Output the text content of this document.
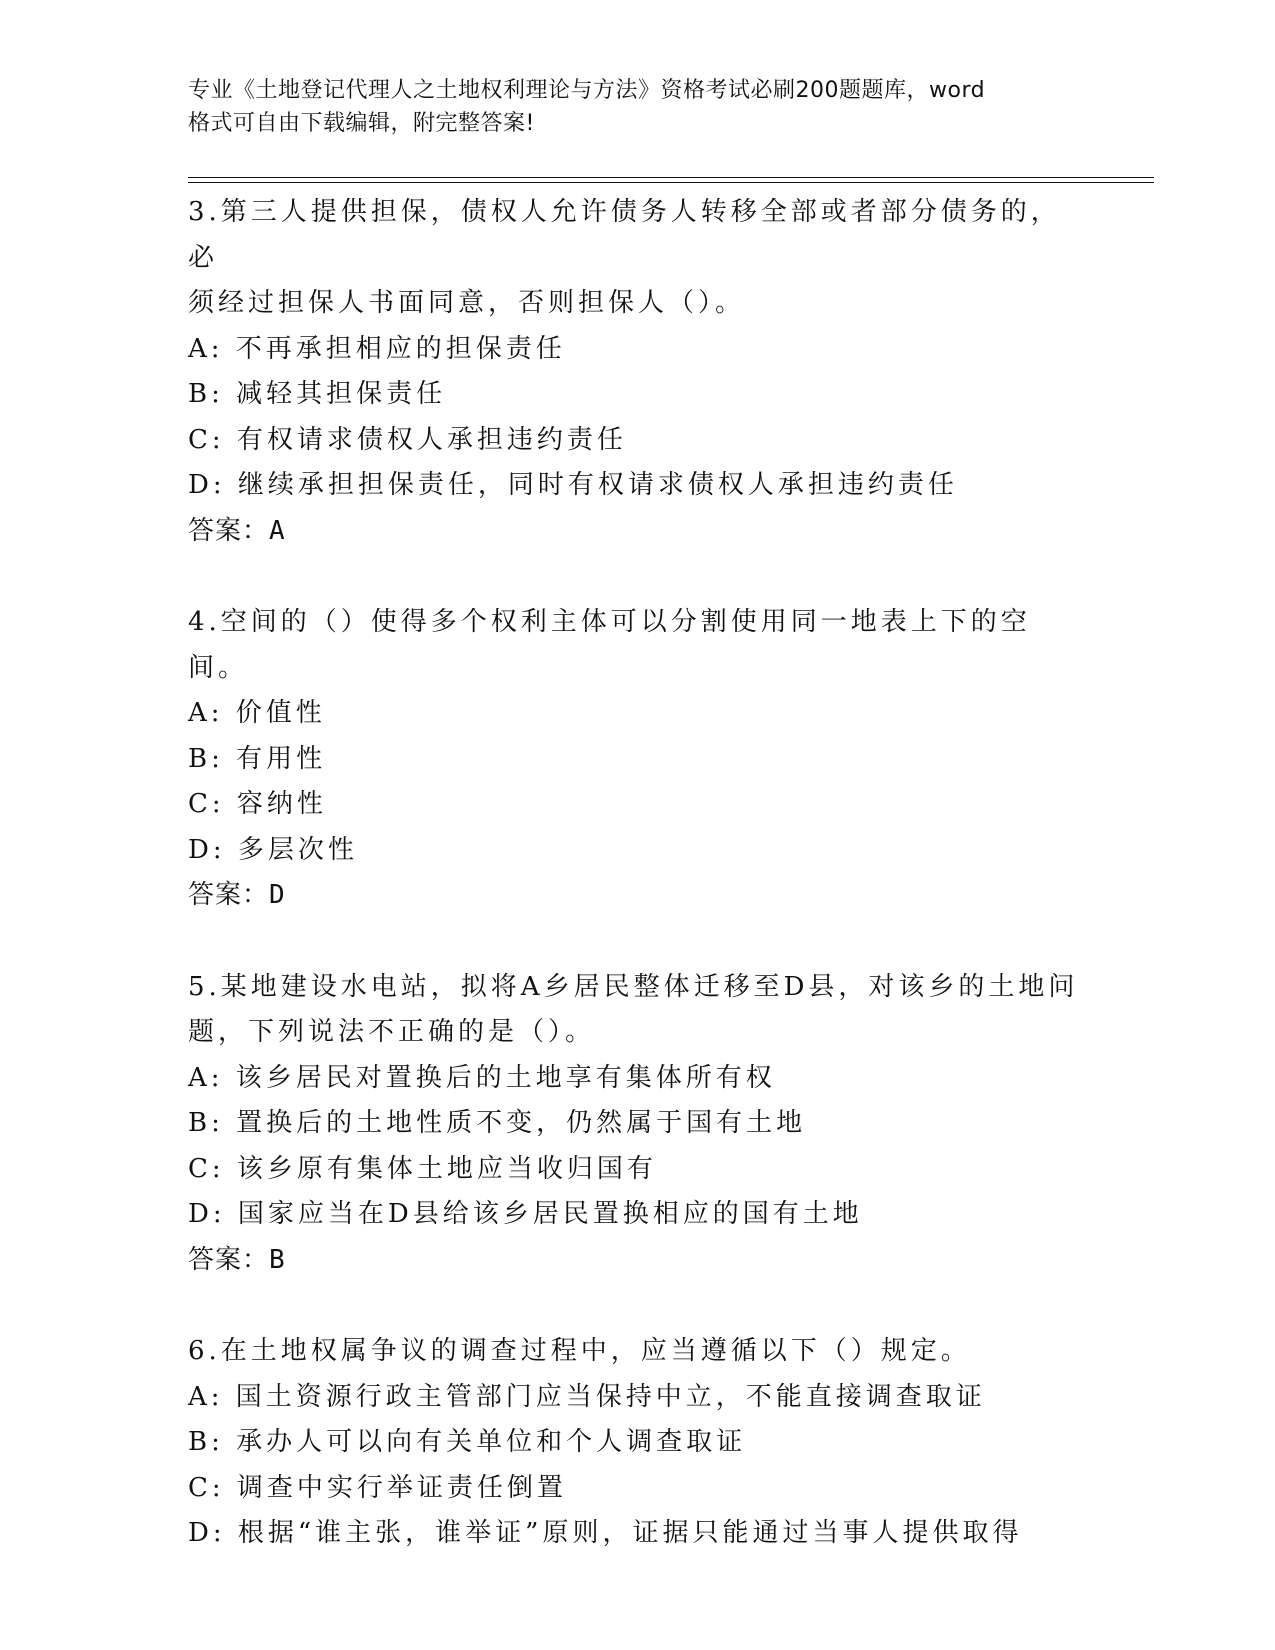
专业《土地登记代理人之土地权利理论与方法》资格考试必刷200题题库，word
格式可自由下载编辑，附完整答案!

3.第三人提供担保，债权人允许债务人转移全部或者部分债务的，必

须经过担保人书面同意，否则担保人（）。

A: 不再承担相应的担保责任

B: 减轻其担保责任

C: 有权请求债权人承担违约责任

D: 继续承担担保责任，同时有权请求债权人承担违约责任

答案：A

4.空间的（）使得多个权利主体可以分割使用同一地表上下的空间。

A: 价值性

B: 有用性

C: 容纳性

D: 多层次性

答案：D

5.某地建设水电站，拟将A乡居民整体迁移至D县，对该乡的土地问

题，下列说法不正确的是（）。

A: 该乡居民对置换后的土地享有集体所有权

B: 置换后的土地性质不变，仍然属于国有土地

C: 该乡原有集体土地应当收归国有

D: 国家应当在D县给该乡居民置换相应的国有土地

答案：B

6.在土地权属争议的调查过程中，应当遵循以下（）规定。

A: 国土资源行政主管部门应当保持中立，不能直接调查取证

B: 承办人可以向有关单位和个人调查取证

C: 调查中实行举证责任倒置

D: 根据“谁主张，谁举证”原则，证据只能通过当事人提供取得
